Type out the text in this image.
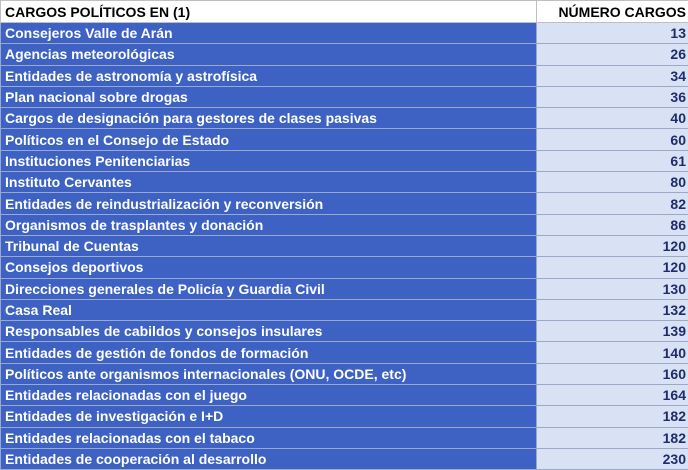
CARGOS POLÍTICOS EN (1)	NÚMERO CARGOS
Consejeros Valle de Arán	13
Agencias meteorológicas	26
Entidades de astronomía y astrofísica	34
Plan nacional sobre drogas	36
Cargos de designación para gestores de clases pasivas	40
Políticos en el Consejo de Estado	60
Instituciones Penitenciarias	61
Instituto Cervantes	80
Entidades de reindustrialización y reconversión	82
Organismos de trasplantes y donación	86
Tribunal de Cuentas	120
Consejos deportivos	120
Direcciones generales de Policía y Guardia Civil	130
Casa Real	132
Responsables de cabildos y consejos insulares	139
Entidades de gestión de fondos de formación	140
Políticos ante organismos internacionales (ONU, OCDE, etc)	160
Entidades relacionadas con el juego	164
Entidades de investigación e I+D	182
Entidades relacionadas con el tabaco	182
Entidades de cooperación al desarrollo	230
